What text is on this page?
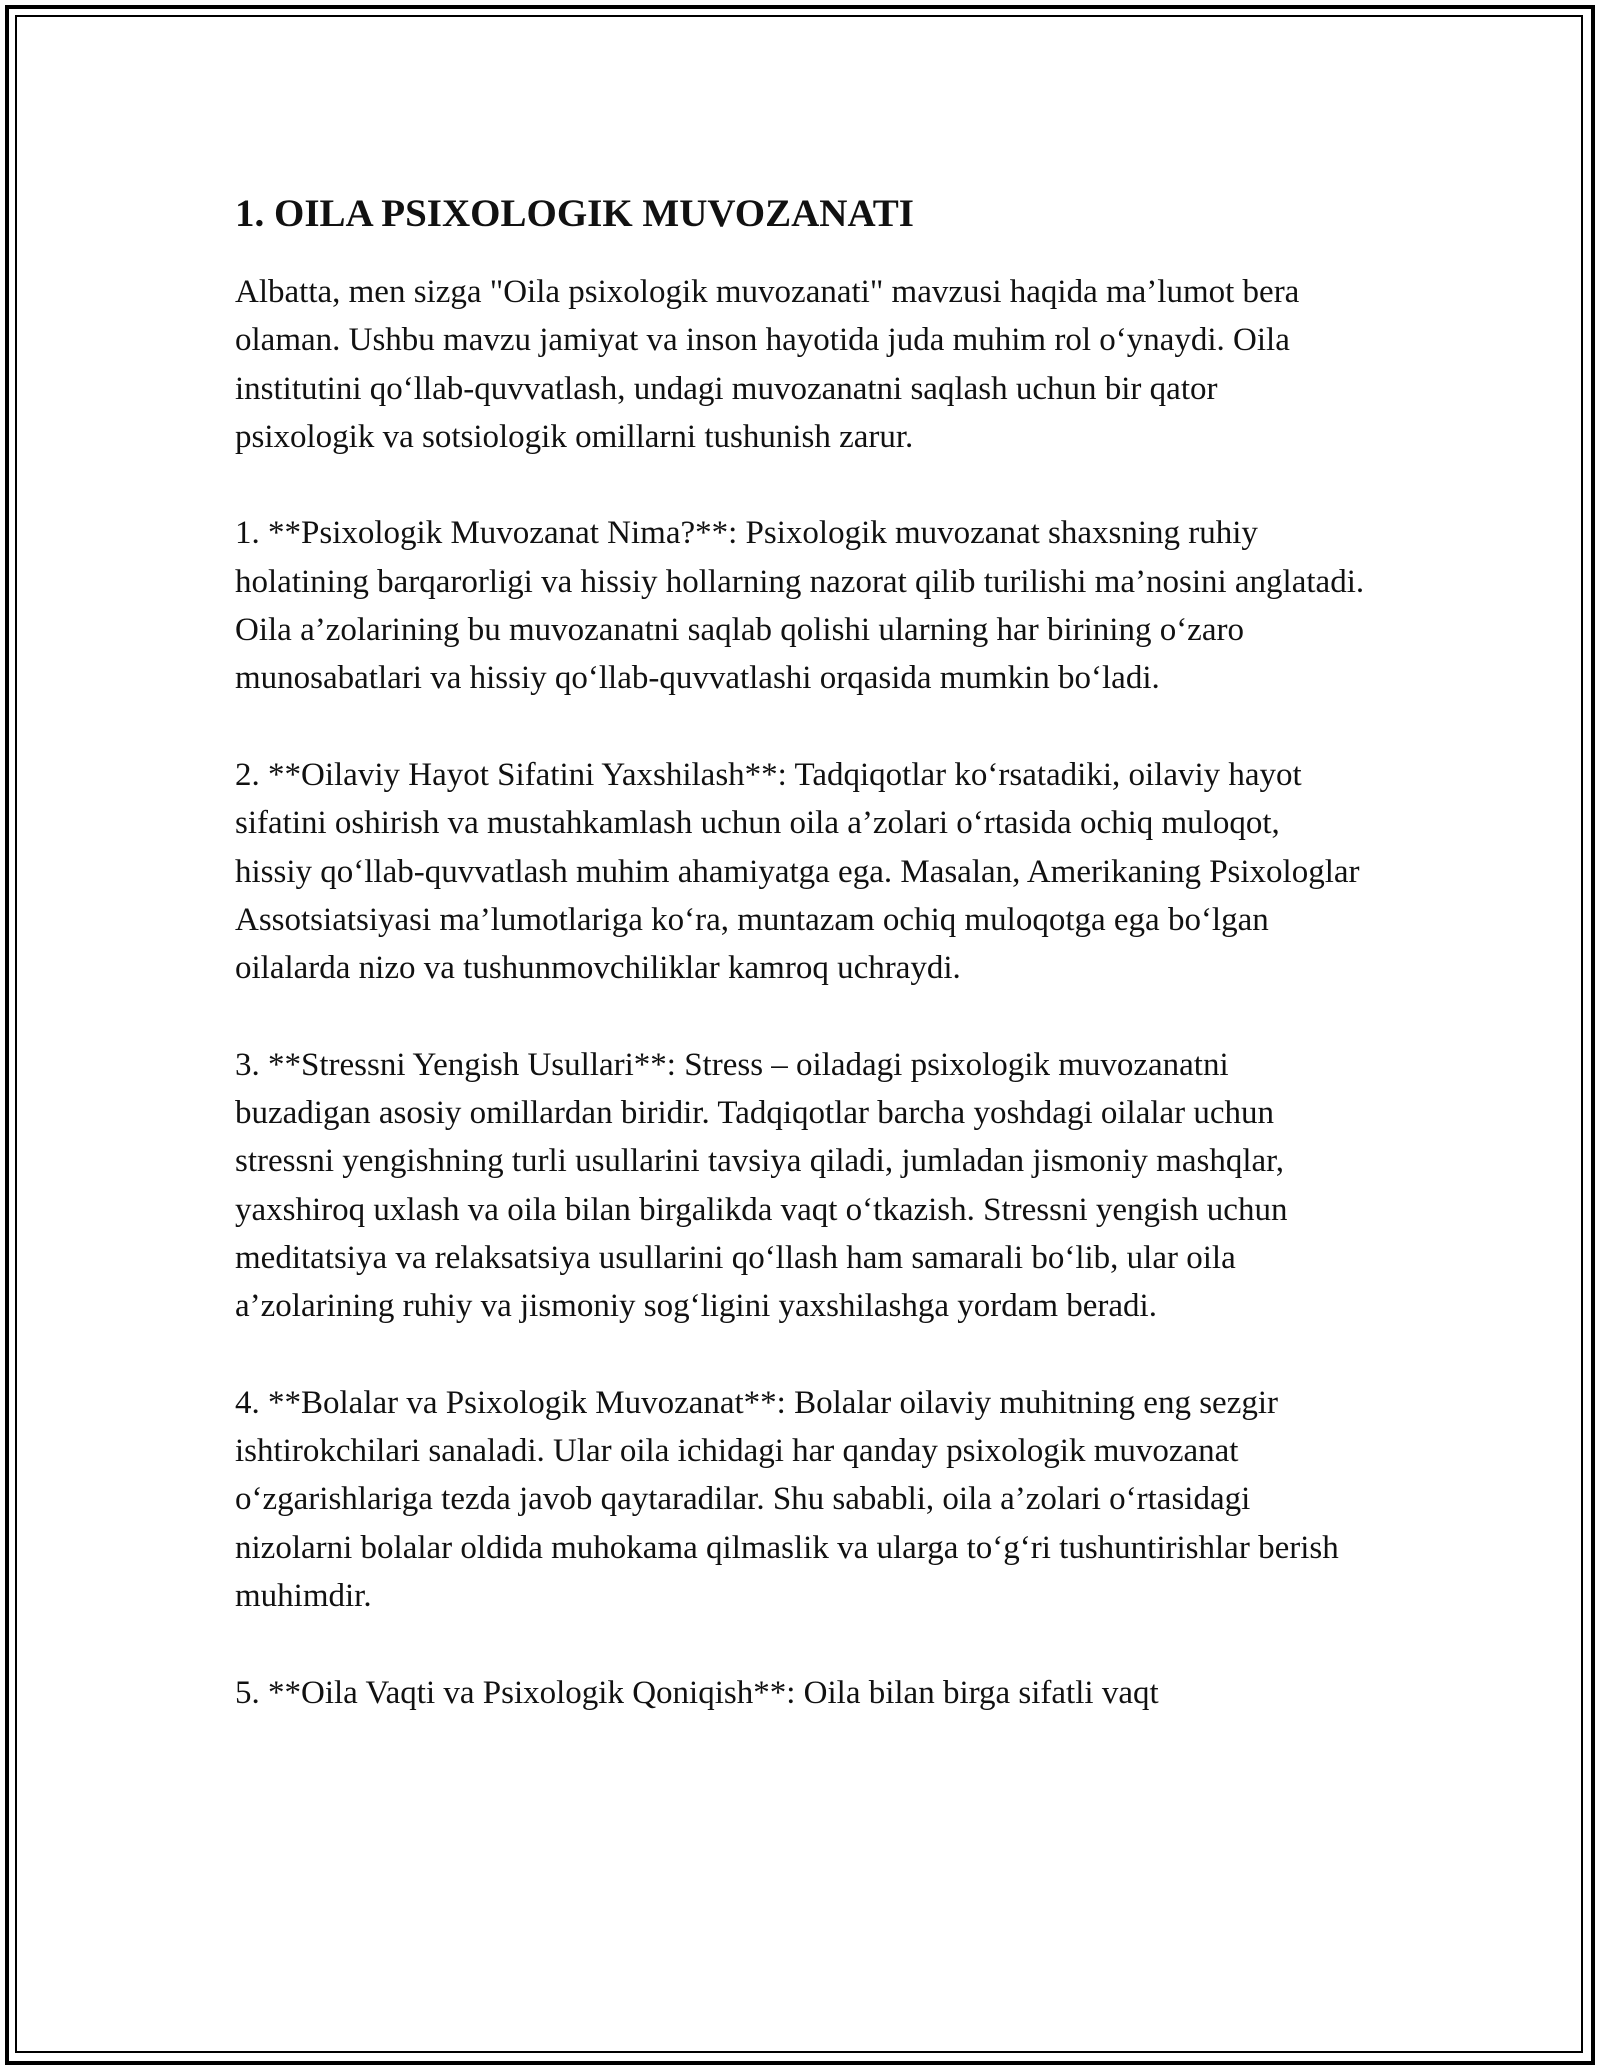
1. OILA PSIXOLOGIK MUVOZANATI

Albatta, men sizga "Oila psixologik muvozanati" mavzusi haqida ma’lumot bera olaman. Ushbu mavzu jamiyat va inson hayotida juda muhim rol o‘ynaydi. Oila institutini qo‘llab-quvvatlash, undagi muvozanatni saqlash uchun bir qator psixologik va sotsiologik omillarni tushunish zarur.

1. **Psixologik Muvozanat Nima?**: Psixologik muvozanat shaxsning ruhiy holatining barqarorligi va hissiy hollarning nazorat qilib turilishi ma’nosini anglatadi. Oila a’zolarining bu muvozanatni saqlab qolishi ularning har birining o‘zaro munosabatlari va hissiy qo‘llab-quvvatlashi orqasida mumkin bo‘ladi.

2. **Oilaviy Hayot Sifatini Yaxshilash**: Tadqiqotlar ko‘rsatadiki, oilaviy hayot sifatini oshirish va mustahkamlash uchun oila a’zolari o‘rtasida ochiq muloqot, hissiy qo‘llab-quvvatlash muhim ahamiyatga ega. Masalan, Amerikaning Psixologlar Assotsiatsiyasi ma’lumotlariga ko‘ra, muntazam ochiq muloqotga ega bo‘lgan oilalarda nizo va tushunmovchiliklar kamroq uchraydi.

3. **Stressni Yengish Usullari**: Stress – oiladagi psixologik muvozanatni buzadigan asosiy omillardan biridir. Tadqiqotlar barcha yoshdagi oilalar uchun stressni yengishning turli usullarini tavsiya qiladi, jumladan jismoniy mashqlar, yaxshiroq uxlash va oila bilan birgalikda vaqt o‘tkazish. Stressni yengish uchun meditatsiya va relaksatsiya usullarini qo‘llash ham samarali bo‘lib, ular oila a’zolarining ruhiy va jismoniy sog‘ligini yaxshilashga yordam beradi.

4. **Bolalar va Psixologik Muvozanat**: Bolalar oilaviy muhitning eng sezgir ishtirokchilari sanaladi. Ular oila ichidagi har qanday psixologik muvozanat o‘zgarishlariga tezda javob qaytaradilar. Shu sababli, oila a’zolari o‘rtasidagi nizolarni bolalar oldida muhokama qilmaslik va ularga to‘g‘ri tushuntirishlar berish muhimdir.

5. **Oila Vaqti va Psixologik Qoniqish**: Oila bilan birga sifatli vaqt
